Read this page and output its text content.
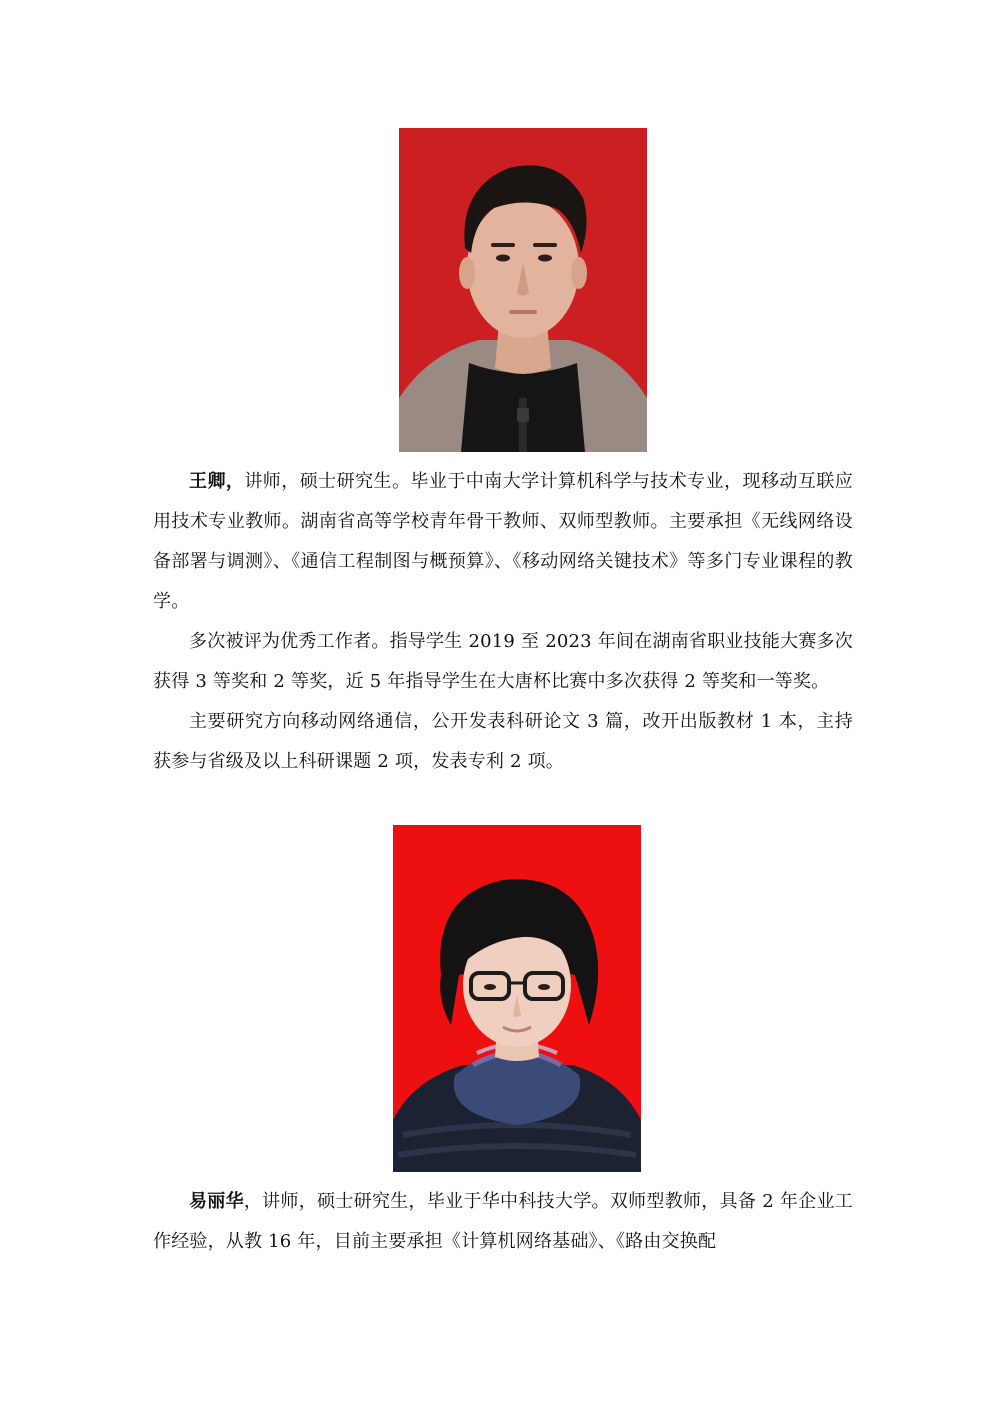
王卿，讲师，硕士研究生。毕业于中南大学计算机科学与技术专业，现移动互联应用技术专业教师。湖南省高等学校青年骨干教师、双师型教师。主要承担《无线网络设备部署与调测》、《通信工程制图与概预算》、《移动网络关键技术》等多门专业课程的教学。

多次被评为优秀工作者。指导学生 2019 至 2023 年间在湖南省职业技能大赛多次获得 3 等奖和 2 等奖，近 5 年指导学生在大唐杯比赛中多次获得 2 等奖和一等奖。

主要研究方向移动网络通信，公开发表科研论文 3 篇，改开出版教材 1 本，主持获参与省级及以上科研课题 2 项，发表专利 2 项。

易丽华，讲师，硕士研究生，毕业于华中科技大学。双师型教师，具备 2 年企业工作经验，从教 16 年，目前主要承担《计算机网络基础》、《路由交换配
